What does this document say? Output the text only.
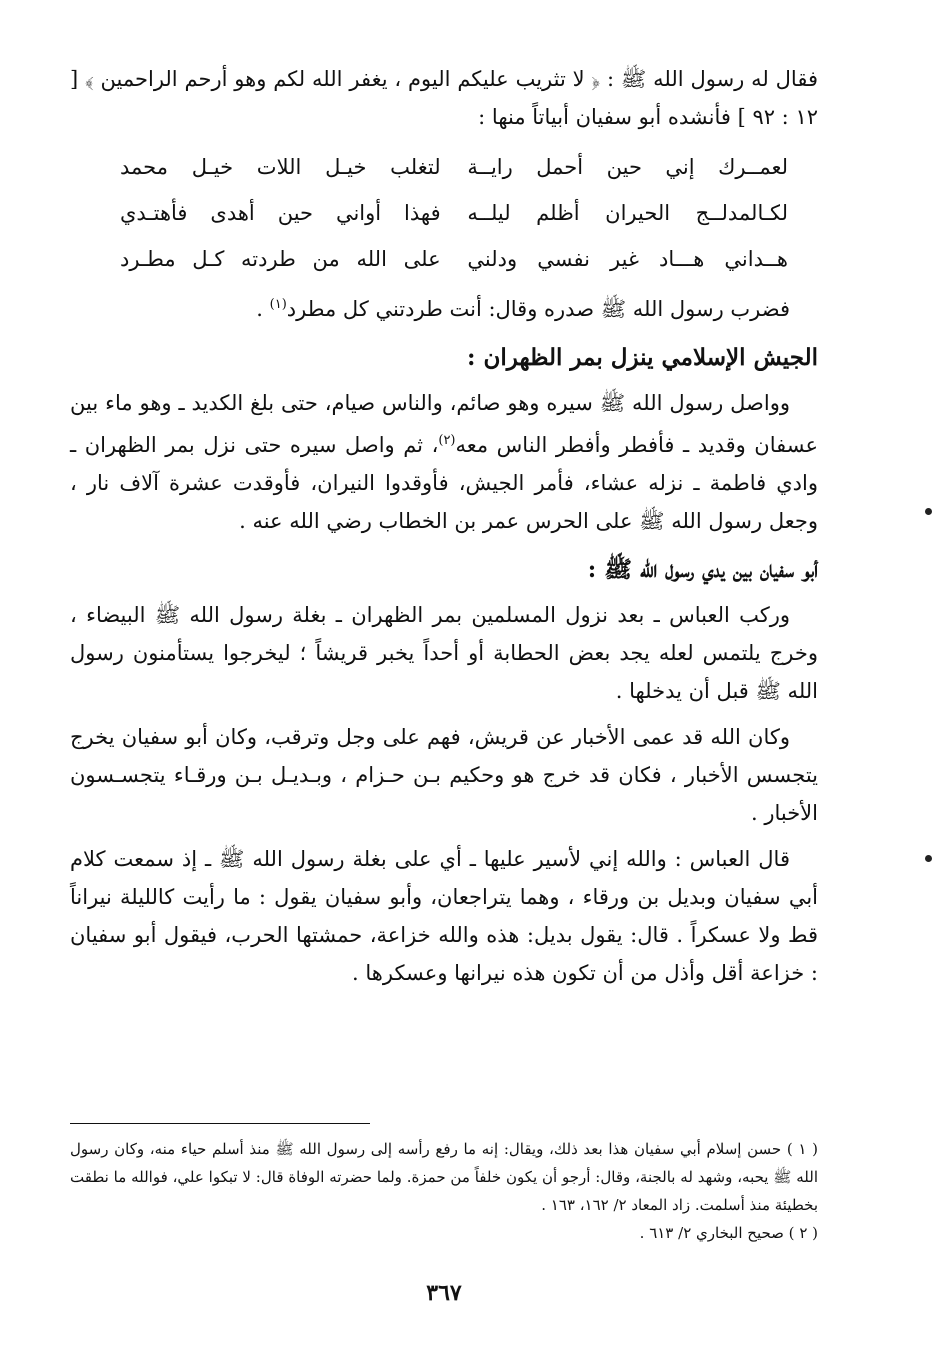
فقال له رسول الله ﷺ : ﴿ لا تثريب عليكم اليوم ، يغفر الله لكم وهو أرحم الراحمين ﴾ [ ١٢ : ٩٢ ] فأنشده أبو سفيان أبياتاً منها :

لعمــرك إني حين أحمل رايــة
لتغلب خيـل اللات خيـل محمد
لكـالمدلــج الحيران أظلم ليلــه
فهذا أواني حين أهدى فأهتـدي
هــداني هـــاد غير نفسي ودلني
على الله من طردته كـل مطـرد

فضرب رسول الله ﷺ صدره وقال: أنت طردتني كل مطرد$^{(١)}$ .

الجيش الإسلامي ينزل بمر الظهران :

وواصل رسول الله ﷺ سيره وهو صائم، والناس صيام، حتى بلغ الكديد ـ وهو ماء بين عسفان وقديد ـ فأفطر وأفطر الناس معه$^{(٢)}$، ثم واصل سيره حتى نزل بمر الظهران ـ وادي فاطمة ـ نزله عشاء، فأمر الجيش، فأوقدوا النيران، فأوقدت عشرة آلاف نار ، وجعل رسول الله ﷺ على الحرس عمر بن الخطاب رضي الله عنه .

أبو سفيان بين يدي رسول الله ﷺ :

وركب العباس ـ بعد نزول المسلمين بمر الظهران ـ بغلة رسول الله ﷺ البيضاء ، وخرج يلتمس لعله يجد بعض الحطابة أو أحداً يخبر قريشاً ؛ ليخرجوا يستأمنون رسول الله ﷺ قبل أن يدخلها .

وكان الله قد عمى الأخبار عن قريش، فهم على وجل وترقب، وكان أبو سفيان يخرج يتجسس الأخبار ، فكان قد خرج هو وحكيم بـن حـزام ، وبـديـل بـن ورقـاء يتجسـسون الأخبار .

قال العباس : والله إني لأسير عليها ـ أي على بغلة رسول الله ﷺ ـ إذ سمعت كلام أبي سفيان وبديل بن ورقاء ، وهما يتراجعان، وأبو سفيان يقول : ما رأيت كالليلة نيراناً قط ولا عسكراً . قال: يقول بديل: هذه والله خزاعة، حمشتها الحرب، فيقول أبو سفيان : خزاعة أقل وأذل من أن تكون هذه نيرانها وعسكرها .

( ١ ) حسن إسلام أبي سفيان هذا بعد ذلك، ويقال: إنه ما رفع رأسه إلى رسول الله ﷺ منذ أسلم حياء منه، وكان رسول الله ﷺ يحبه، وشهد له بالجنة، وقال: أرجو أن يكون خلفاً من حمزة. ولما حضرته الوفاة قال: لا تبكوا علي، فوالله ما نطقت بخطيئة منذ أسلمت. زاد المعاد ٢/ ١٦٢، ١٦٣ .

( ٢ ) صحيح البخاري ٢/ ٦١٣ .

٣٦٧
